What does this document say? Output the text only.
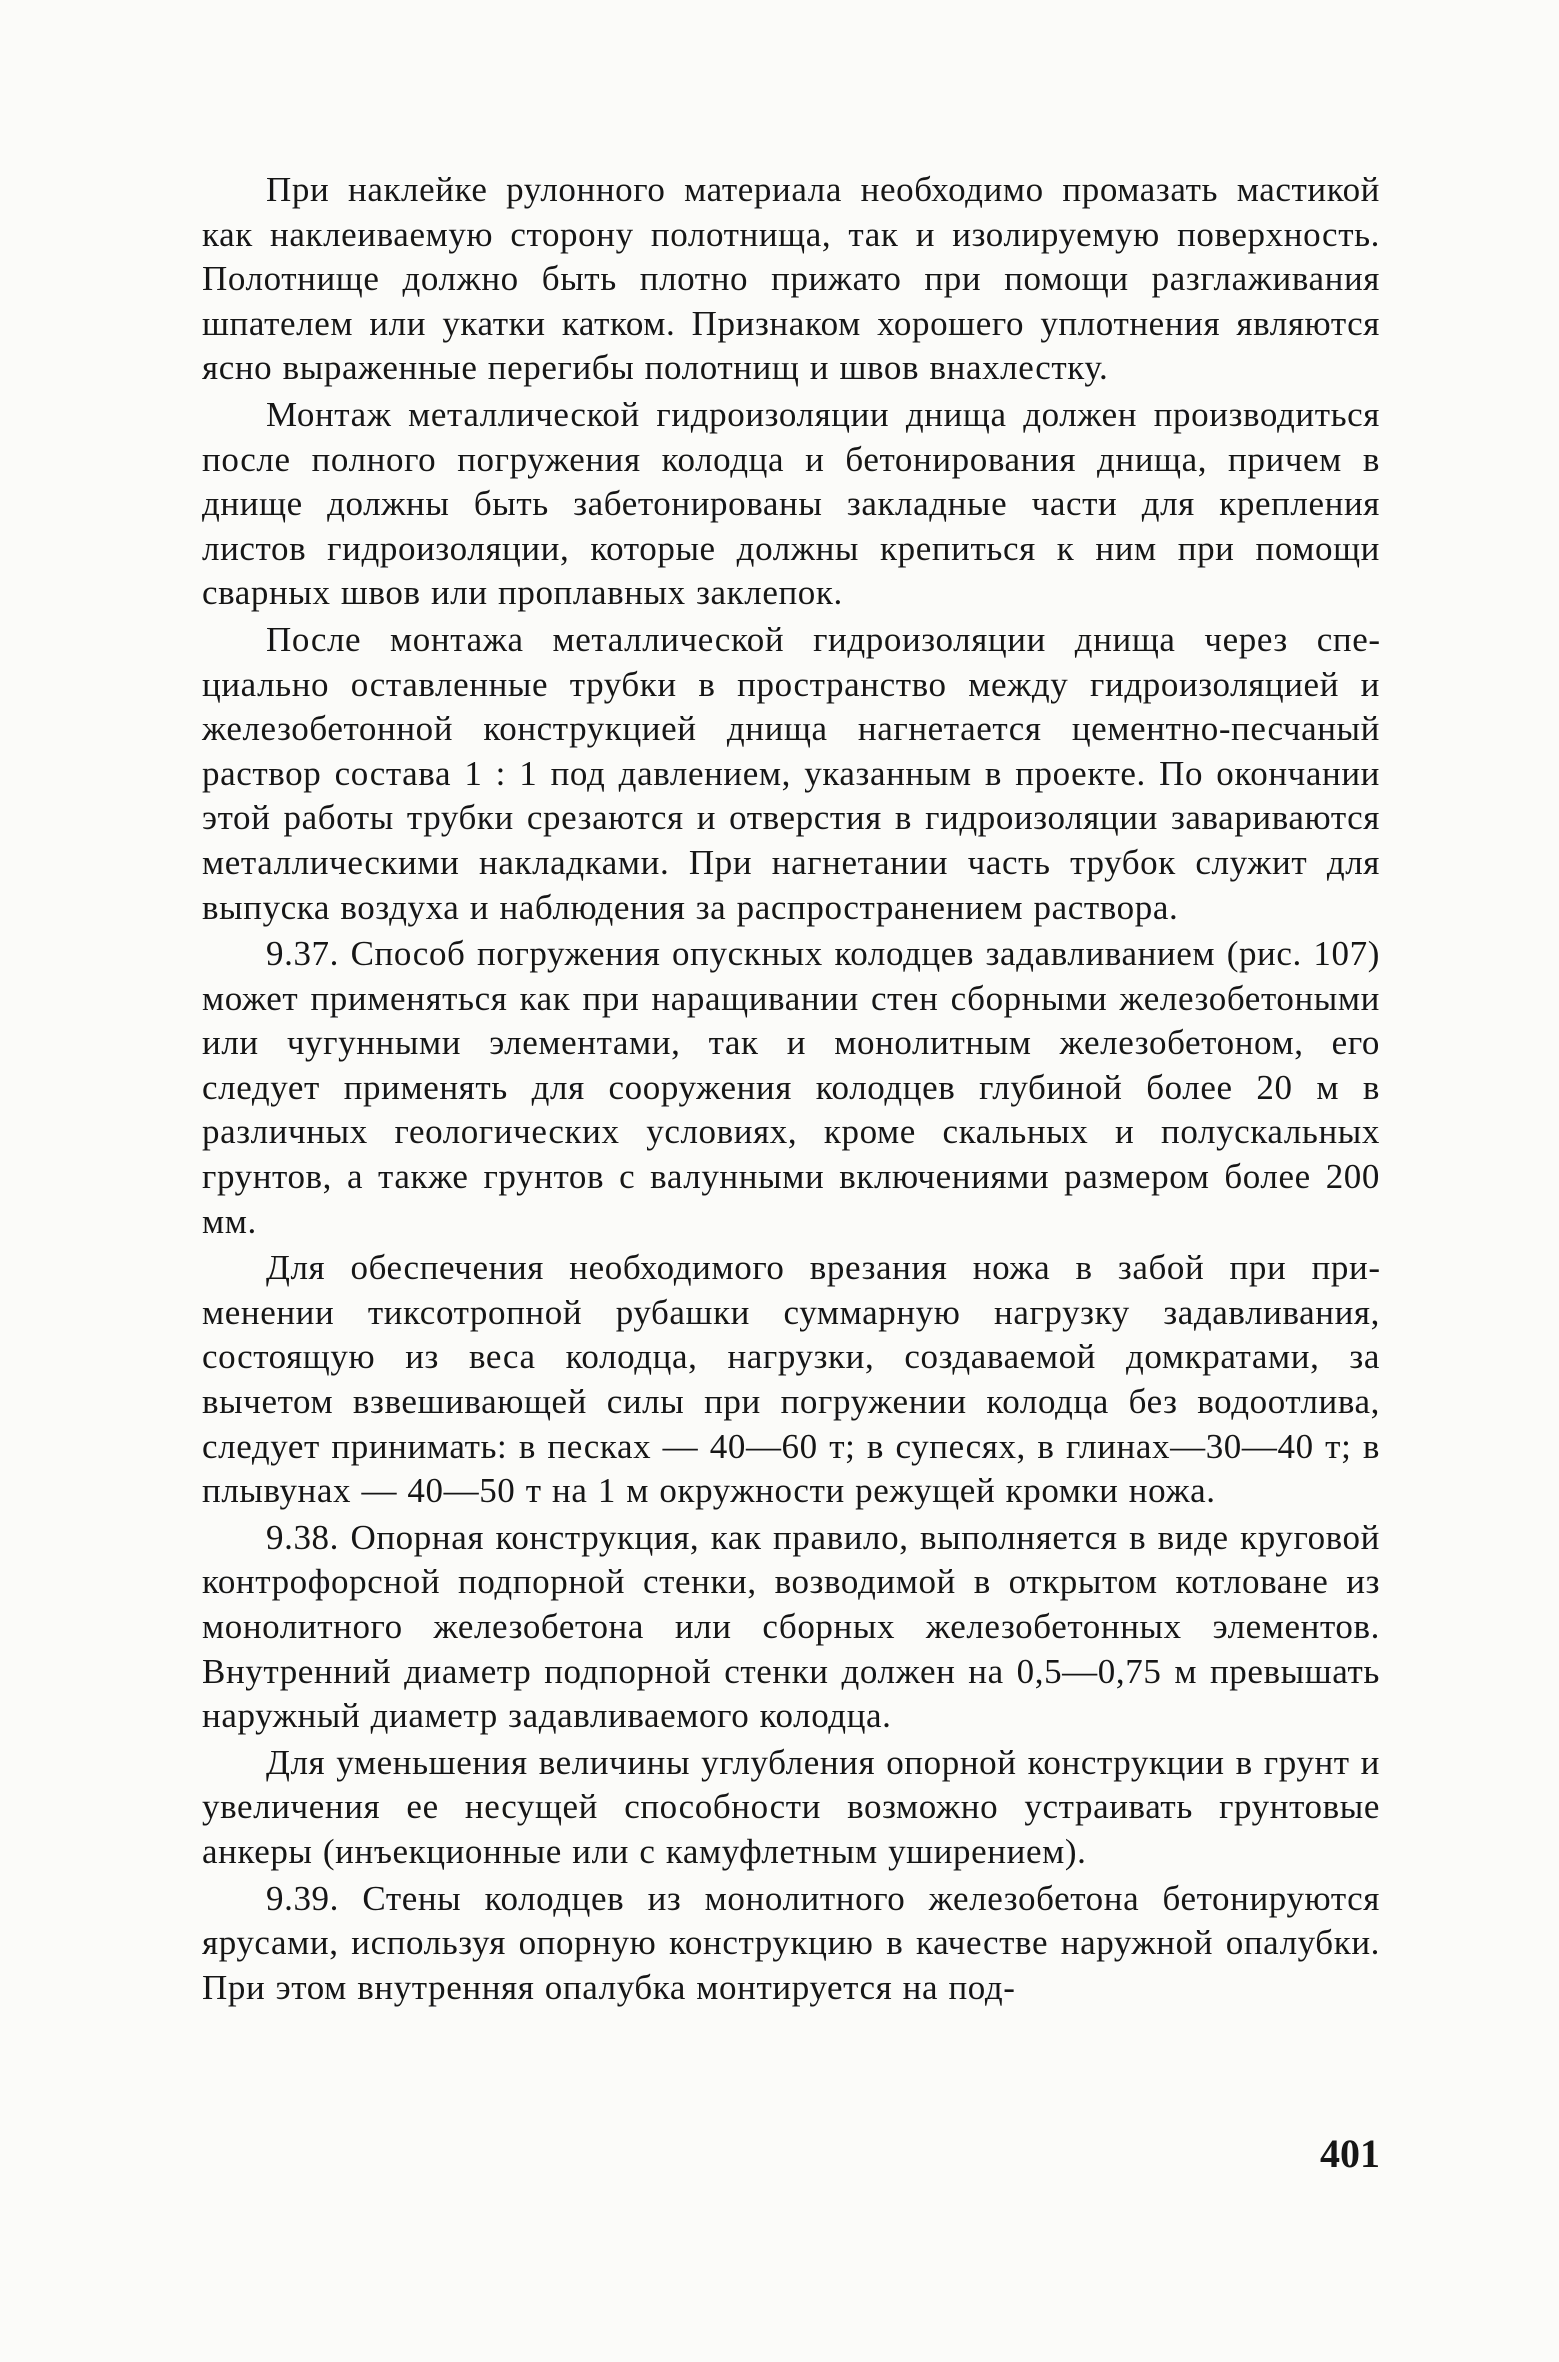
При наклейке рулонного материала необходимо промазать мастикой как наклеиваемую сторону полотнища, так и изолируемую поверхность. Полотнище должно быть плотно прижато при помощи разглаживания шпателем или укатки катком. Признаком хорошего уплотнения являются ясно выраженные перегибы полотнищ и швов внахлестку.

Монтаж металлической гидроизоляции днища должен производиться после полного погружения колодца и бетонирования днища, причем в днище должны быть забетонированы закладные части для крепления листов гидроизоляции, которые должны крепиться к ним при помощи сварных швов или проплавных заклепок.

После монтажа металлической гидроизоляции днища через специально оставленные трубки в пространство между гидроизоляцией и железобетонной конструкцией днища нагнетается цементно-песчаный раствор состава 1 : 1 под давлением, указанным в проекте. По окончании этой работы трубки срезаются и отверстия в гидроизоляции завариваются металлическими накладками. При нагнетании часть трубок служит для выпуска воздуха и наблюдения за распространением раствора.

9.37. Способ погружения опускных колодцев задавливанием (рис. 107) может применяться как при наращивании стен сборными железобетоными или чугунными элементами, так и монолитным железобетоном, его следует применять для сооружения колодцев глубиной более 20 м в различных геологических условиях, кроме скальных и полускальных грунтов, а также грунтов с валунными включениями размером более 200 мм.

Для обеспечения необходимого врезания ножа в забой при применении тиксотропной рубашки суммарную нагрузку задавливания, состоящую из веса колодца, нагрузки, создаваемой домкратами, за вычетом взвешивающей силы при погружении колодца без водоотлива, следует принимать: в песках — 40—60 т; в супесях, в глинах—30—40 т; в плывунах — 40—50 т на 1 м окружности режущей кромки ножа.

9.38. Опорная конструкция, как правило, выполняется в виде круговой контрофорсной подпорной стенки, возводимой в открытом котловане из монолитного железобетона или сборных железобетонных элементов. Внутренний диаметр подпорной стенки должен на 0,5—0,75 м превышать наружный диаметр задавливаемого колодца.

Для уменьшения величины углубления опорной конструкции в грунт и увеличения ее несущей способности возможно устраивать грунтовые анкеры (инъекционные или с камуфлетным уширением).

9.39. Стены колодцев из монолитного железобетона бетонируются ярусами, используя опорную конструкцию в качестве наружной опалубки. При этом внутренняя опалубка монтируется на под-

401
